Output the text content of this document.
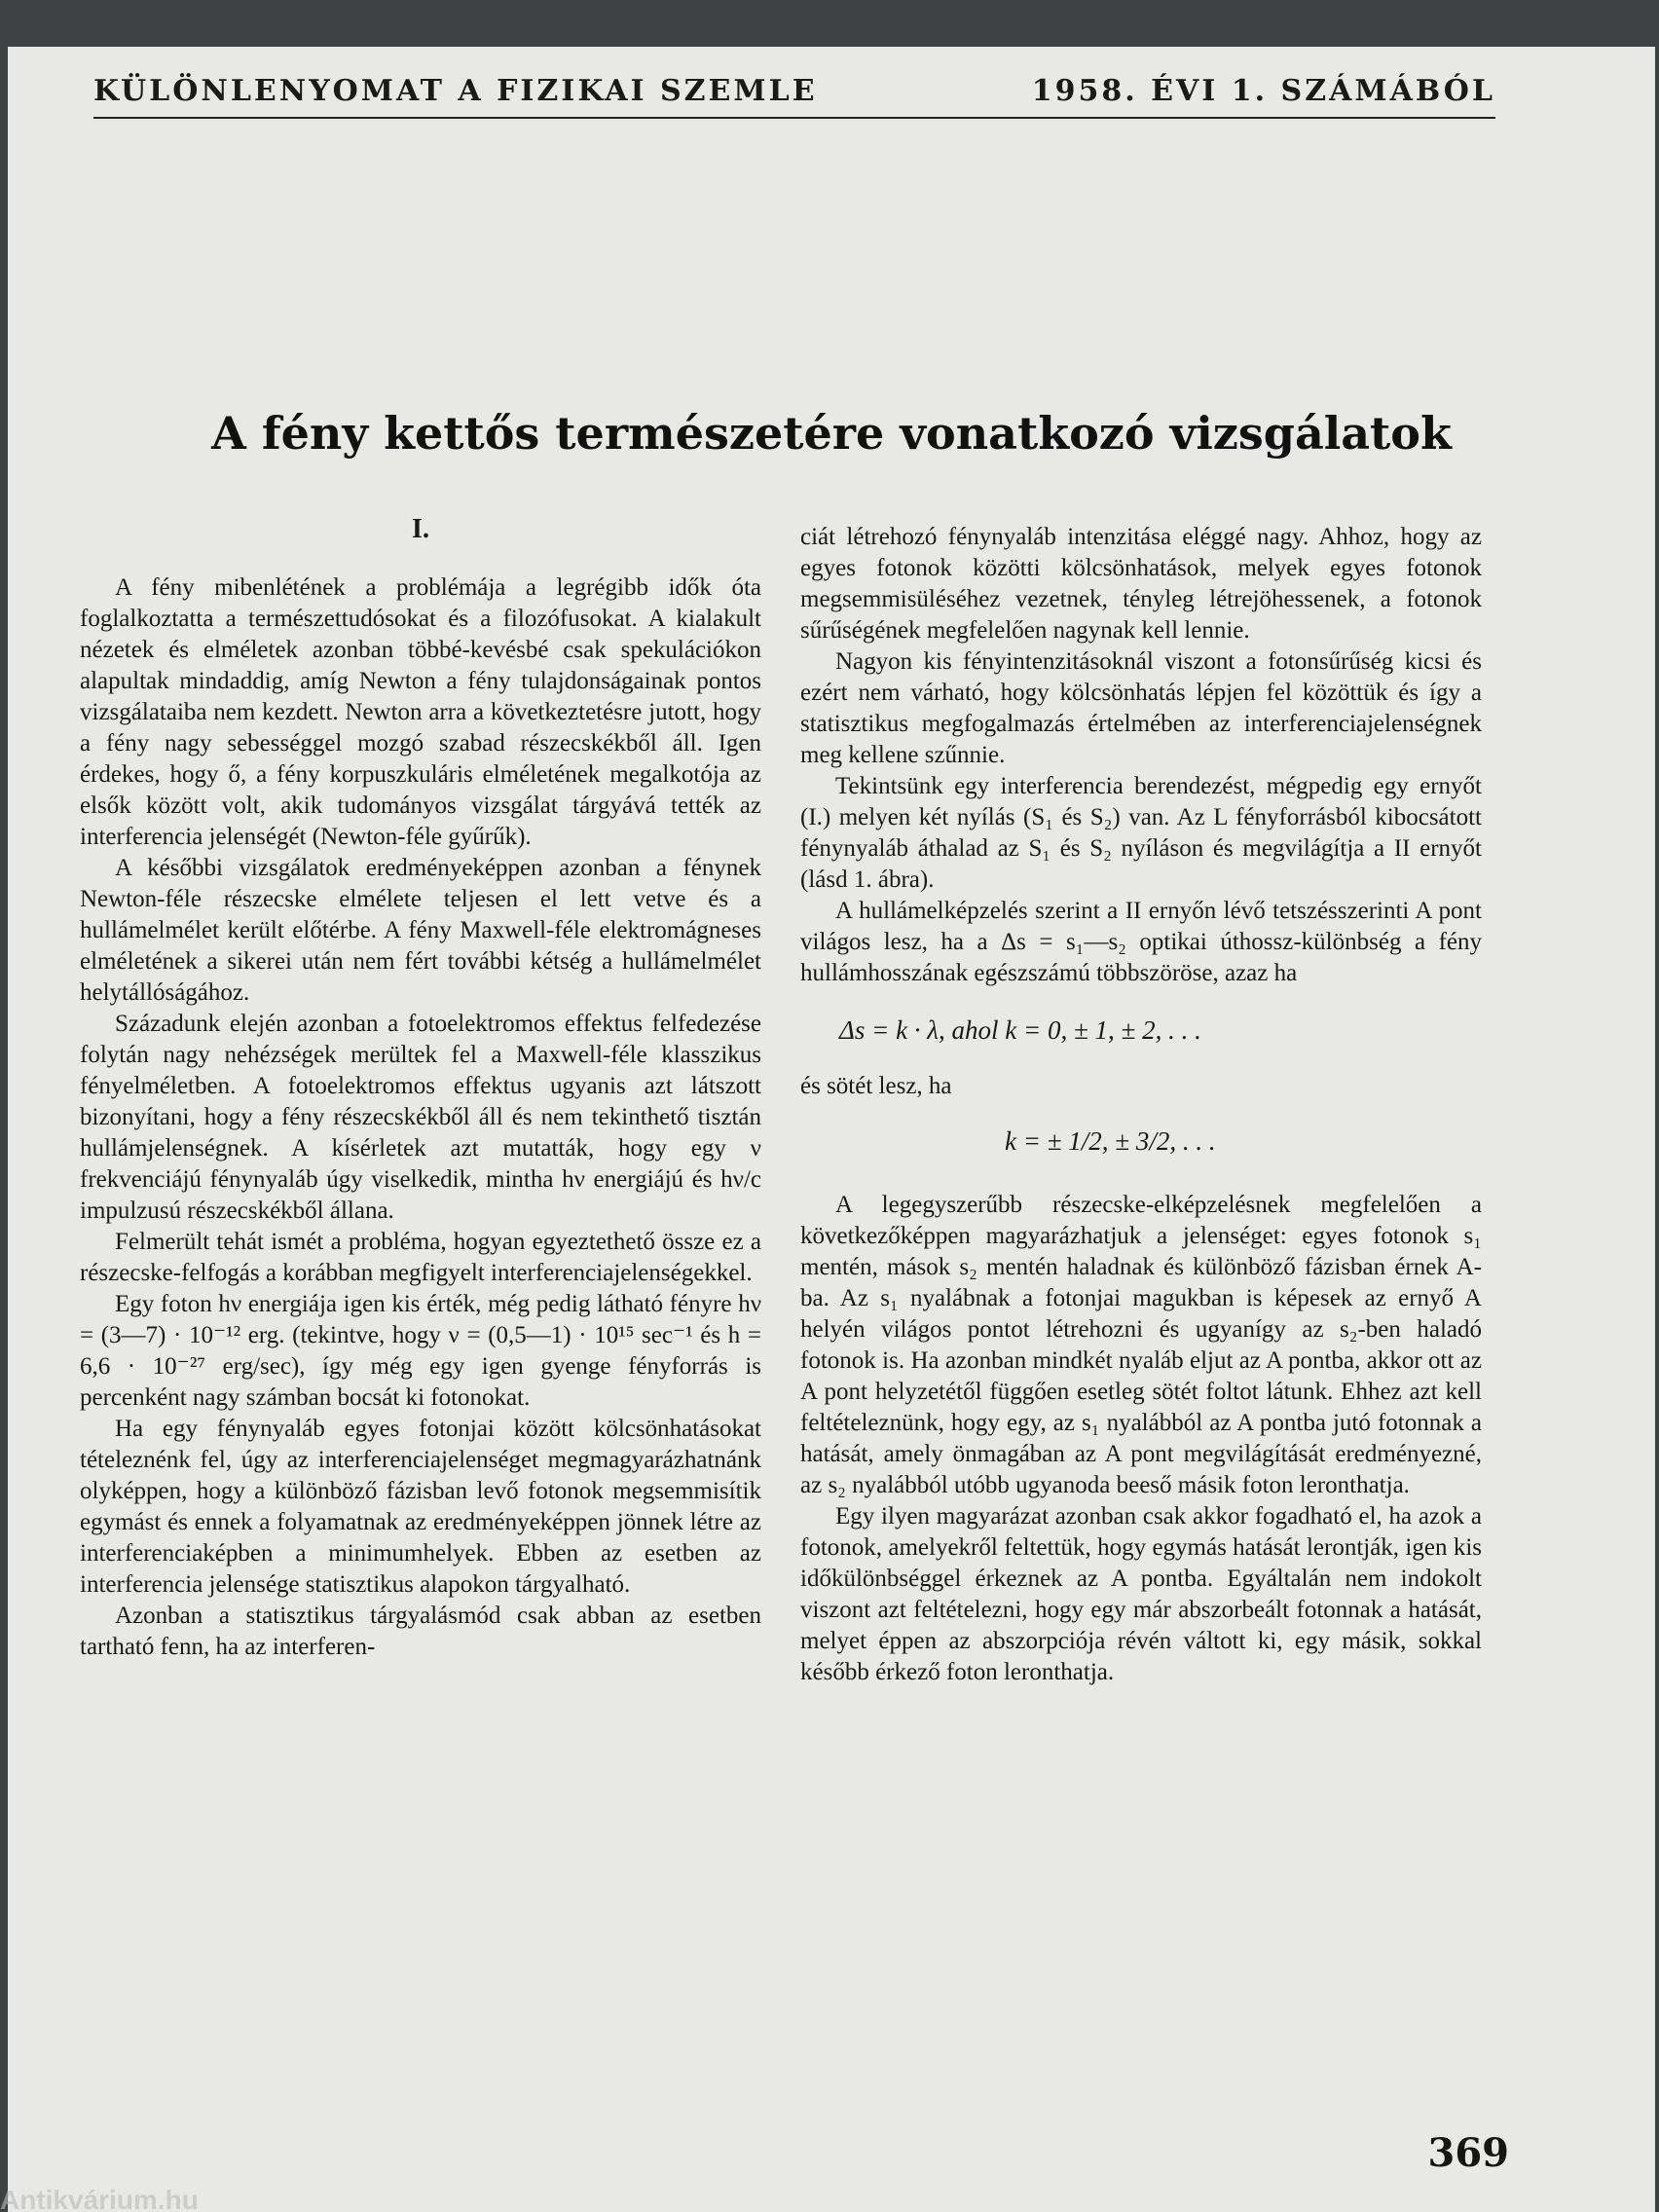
KÜLÖNLENYOMAT A FIZIKAI SZEMLE	1958. ÉVI 1. SZÁMÁBÓL
A fény kettős természetére vonatkozó vizsgálatok

I.

A fény mibenlétének a problémája a legrégibb idők óta foglalkoztatta a természettudósokat és a filozófusokat. A kialakult nézetek és elméletek azonban többé-kevésbé csak spekulációkon alapultak mindaddig, amíg Newton a fény tulajdonságainak pontos vizsgálataiba nem kezdett. Newton arra a következtetésre jutott, hogy a fény nagy sebességgel mozgó szabad részecskékből áll. Igen érdekes, hogy ő, a fény korpuszkuláris elméletének megalkotója az elsők között volt, akik tudományos vizsgálat tárgyává tették az interferencia jelenségét (Newton-féle gyűrűk).

A későbbi vizsgálatok eredményeképpen azonban a fénynek Newton-féle részecske elmélete teljesen el lett vetve és a hullámelmélet került előtérbe. A fény Maxwell-féle elektromágneses elméletének a sikerei után nem fért további kétség a hullámelmélet helytállóságához.

Századunk elején azonban a fotoelektromos effektus felfedezése folytán nagy nehézségek merültek fel a Maxwell-féle klasszikus fényelméletben. A fotoelektromos effektus ugyanis azt látszott bizonyítani, hogy a fény részecskékből áll és nem tekinthető tisztán hullámjelenségnek. A kísérletek azt mutatták, hogy egy ν frekvenciájú fénynyaláb úgy viselkedik, mintha hν energiájú és hν/c impulzusú részecskékből állana.

Felmerült tehát ismét a probléma, hogyan egyeztethető össze ez a részecske-felfogás a korábban megfigyelt interferenciajelenségekkel.

Egy foton hν energiája igen kis érték, még pedig látható fényre hν = (3—7) · 10⁻¹² erg. (tekintve, hogy ν = (0,5—1) · 10¹⁵ sec⁻¹ és h = 6,6 · 10⁻²⁷ erg/sec), így még egy igen gyenge fényforrás is percenként nagy számban bocsát ki fotonokat.

Ha egy fénynyaláb egyes fotonjai között kölcsönhatásokat tételeznénk fel, úgy az interferenciajelenséget megmagyarázhatnánk olyképpen, hogy a különböző fázisban levő fotonok megsemmisítik egymást és ennek a folyamatnak az eredményeképpen jönnek létre az interferenciaképben a minimumhelyek. Ebben az esetben az interferencia jelensége statisztikus alapokon tárgyalható.

Azonban a statisztikus tárgyalásmód csak abban az esetben tartható fenn, ha az interferen-

ciát létrehozó fénynyaláb intenzitása eléggé nagy. Ahhoz, hogy az egyes fotonok közötti kölcsönhatások, melyek egyes fotonok megsemmisüléséhez vezetnek, tényleg létrejöhessenek, a fotonok sűrűségének megfelelően nagynak kell lennie.

Nagyon kis fényintenzitásoknál viszont a fotonsűrűség kicsi és ezért nem várható, hogy kölcsönhatás lépjen fel közöttük és így a statisztikus megfogalmazás értelmében az interferenciajelenségnek meg kellene szűnnie.

Tekintsünk egy interferencia berendezést, mégpedig egy ernyőt (I.) melyen két nyílás (S₁ és S₂) van. Az L fényforrásból kibocsátott fénynyaláb áthalad az S₁ és S₂ nyíláson és megvilágítja a II ernyőt (lásd 1. ábra).

A hullámelképzelés szerint a II ernyőn lévő tetszésszerinti A pont világos lesz, ha a Δs = s₁—s₂ optikai úthossz-különbség a fény hullámhosszának egészszámú többszöröse, azaz ha

Δs = k · λ, ahol k = 0, ± 1, ± 2, . . .

és sötét lesz, ha

k = ± 1/2, ± 3/2, . . .

A legegyszerűbb részecske-elképzelésnek megfelelően a következőképpen magyarázhatjuk a jelenséget: egyes fotonok s₁ mentén, mások s₂ mentén haladnak és különböző fázisban érnek A-ba. Az s₁ nyalábnak a fotonjai magukban is képesek az ernyő A helyén világos pontot létrehozni és ugyanígy az s₂-ben haladó fotonok is. Ha azonban mindkét nyaláb eljut az A pontba, akkor ott az A pont helyzetétől függően esetleg sötét foltot látunk. Ehhez azt kell feltételeznünk, hogy egy, az s₁ nyalábból az A pontba jutó fotonnak a hatását, amely önmagában az A pont megvilágítását eredményezné, az s₂ nyalábból utóbb ugyanoda beeső másik foton leronthatja.

Egy ilyen magyarázat azonban csak akkor fogadható el, ha azok a fotonok, amelyekről feltettük, hogy egymás hatását lerontják, igen kis időkülönbséggel érkeznek az A pontba. Egyáltalán nem indokolt viszont azt feltételezni, hogy egy már abszorbeált fotonnak a hatását, melyet éppen az abszorpciója révén váltott ki, egy másik, sokkal később érkező foton leronthatja.

369
Antikvárium.hu
